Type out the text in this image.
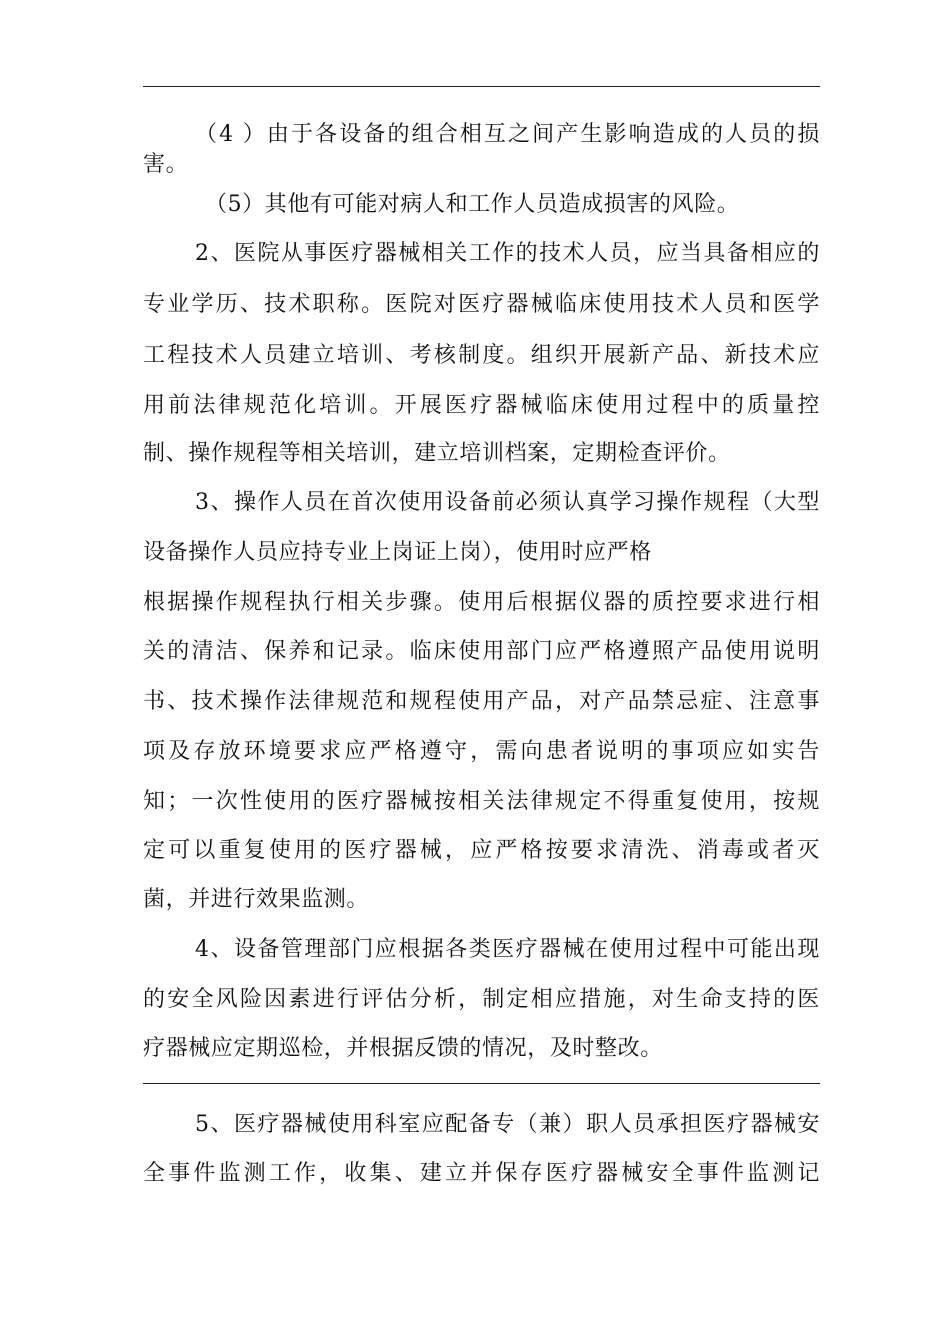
（4 ）由于各设备的组合相互之间产生影响造成的人员的损
害。
（5）其他有可能对病人和工作人员造成损害的风险。
2、医院从事医疗器械相关工作的技术人员，应当具备相应的
专业学历、技术职称。医院对医疗器械临床使用技术人员和医学
工程技术人员建立培训、考核制度。组织开展新产品、新技术应
用前法律规范化培训。开展医疗器械临床使用过程中的质量控
制、操作规程等相关培训，建立培训档案，定期检查评价。
3、操作人员在首次使用设备前必须认真学习操作规程（大型
设备操作人员应持专业上岗证上岗），使用时应严格
根据操作规程执行相关步骤。使用后根据仪器的质控要求进行相
关的清洁、保养和记录。临床使用部门应严格遵照产品使用说明
书、技术操作法律规范和规程使用产品，对产品禁忌症、注意事
项及存放环境要求应严格遵守，需向患者说明的事项应如实告
知；一次性使用的医疗器械按相关法律规定不得重复使用，按规
定可以重复使用的医疗器械，应严格按要求清洗、消毒或者灭
菌，并进行效果监测。
4、设备管理部门应根据各类医疗器械在使用过程中可能出现
的安全风险因素进行评估分析，制定相应措施，对生命支持的医
疗器械应定期巡检，并根据反馈的情况，及时整改。
5、医疗器械使用科室应配备专（兼）职人员承担医疗器械安
全事件监测工作，收集、建立并保存医疗器械安全事件监测记
